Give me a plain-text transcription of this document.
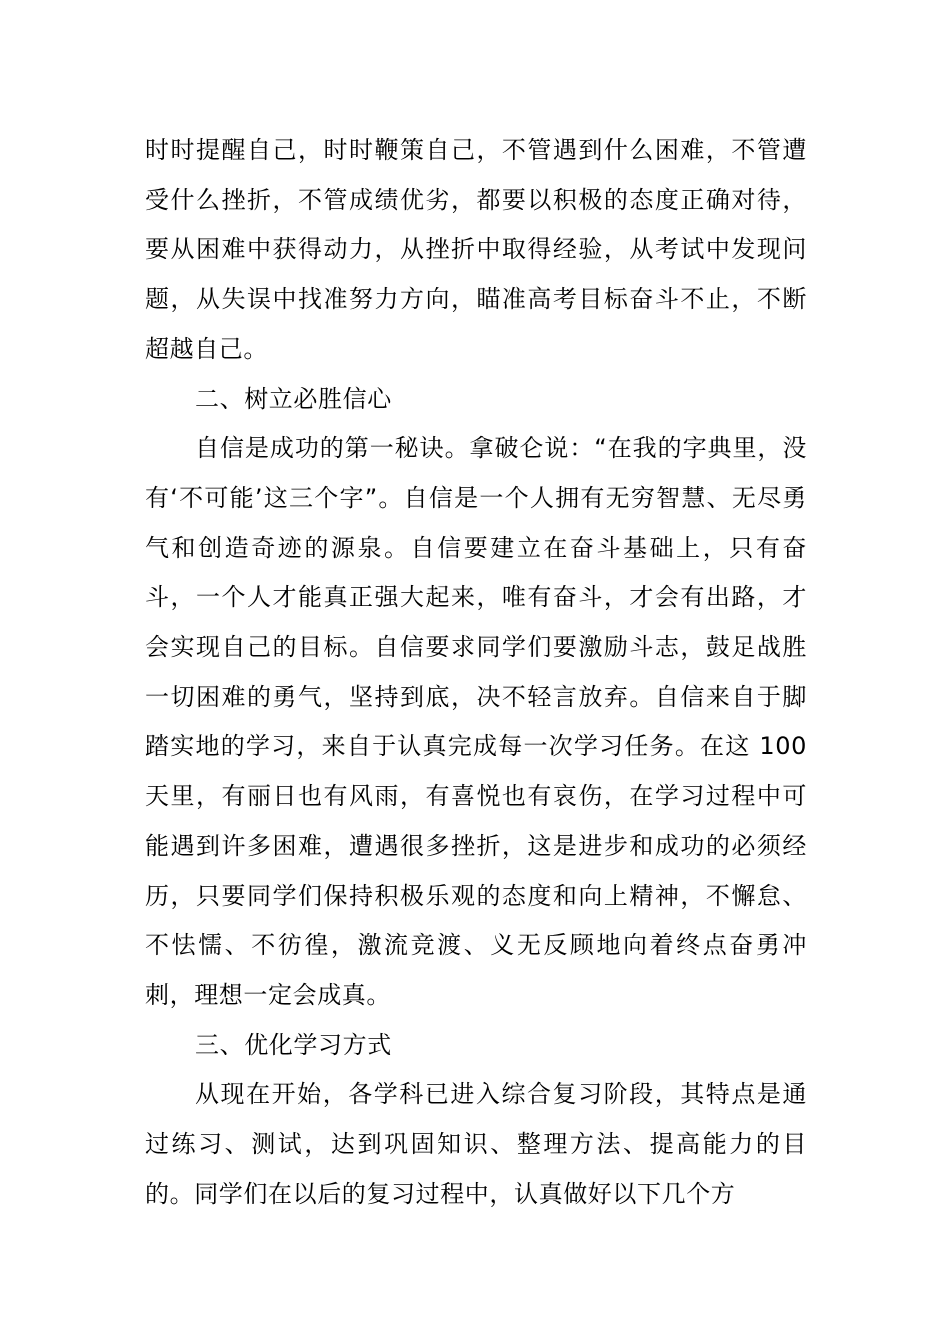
时时提醒自己，时时鞭策自己，不管遇到什么困难，不管遭受什么挫折，不管成绩优劣，都要以积极的态度正确对待，要从困难中获得动力，从挫折中取得经验，从考试中发现问题，从失误中找准努力方向，瞄准高考目标奋斗不止，不断超越自己。

二、树立必胜信心

自信是成功的第一秘诀。拿破仑说：“在我的字典里，没有‘不可能’这三个字”。自信是一个人拥有无穷智慧、无尽勇气和创造奇迹的源泉。自信要建立在奋斗基础上，只有奋斗，一个人才能真正强大起来，唯有奋斗，才会有出路，才会实现自己的目标。自信要求同学们要激励斗志，鼓足战胜一切困难的勇气，坚持到底，决不轻言放弃。自信来自于脚踏实地的学习，来自于认真完成每一次学习任务。在这 100 天里，有丽日也有风雨，有喜悦也有哀伤，在学习过程中可能遇到许多困难，遭遇很多挫折，这是进步和成功的必须经历，只要同学们保持积极乐观的态度和向上精神，不懈怠、不怯懦、不彷徨，激流竞渡、义无反顾地向着终点奋勇冲刺，理想一定会成真。

三、优化学习方式

从现在开始，各学科已进入综合复习阶段，其特点是通过练习、测试，达到巩固知识、整理方法、提高能力的目的。同学们在以后的复习过程中，认真做好以下几个方
